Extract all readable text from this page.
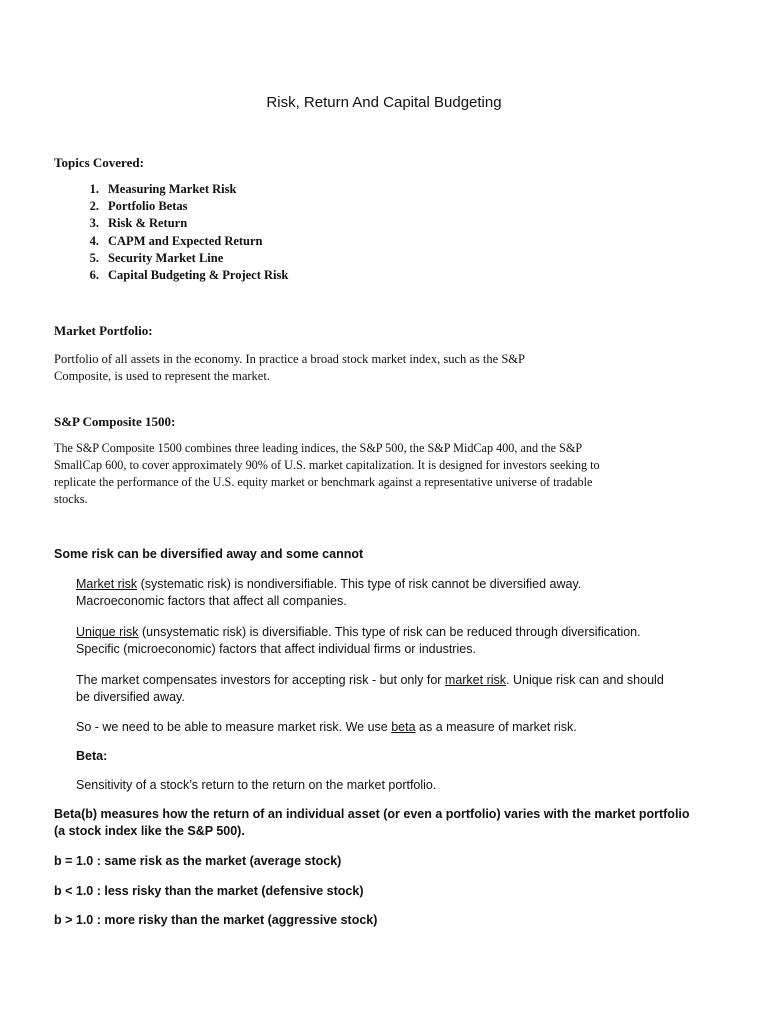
Risk, Return And Capital Budgeting
Topics Covered:
1. Measuring Market Risk
2. Portfolio Betas
3. Risk & Return
4. CAPM and Expected Return
5. Security Market Line
6. Capital Budgeting & Project Risk
Market Portfolio:

Portfolio of all assets in the economy. In practice a broad stock market index, such as the S&P

Composite, is used to represent the market.

S&P Composite 1500:

The S&P Composite 1500 combines three leading indices, the S&P 500, the S&P MidCap 400, and the S&P

SmallCap 600, to cover approximately 90% of U.S. market capitalization. It is designed for investors seeking to

replicate the performance of the U.S. equity market or benchmark against a representative universe of tradable

stocks.

Some risk can be diversified away and some cannot

Market risk (systematic risk) is nondiversifiable. This type of risk cannot be diversified away.

Macroeconomic factors that affect all companies.

Unique risk (unsystematic risk) is diversifiable. This type of risk can be reduced through diversification.

Specific (microeconomic) factors that affect individual firms or industries.

The market compensates investors for accepting risk - but only for market risk. Unique risk can and should

be diversified away.

So - we need to be able to measure market risk. We use beta as a measure of market risk.

Beta:
Sensitivity of a stock’s return to the return on the market portfolio.

Beta(b) measures how the return of an individual asset (or even a portfolio) varies with the market portfolio

(a stock index like the S&P 500).

b = 1.0 : same risk as the market (average stock)
b < 1.0 : less risky than the market (defensive stock)
b > 1.0 : more risky than the market (aggressive stock)
